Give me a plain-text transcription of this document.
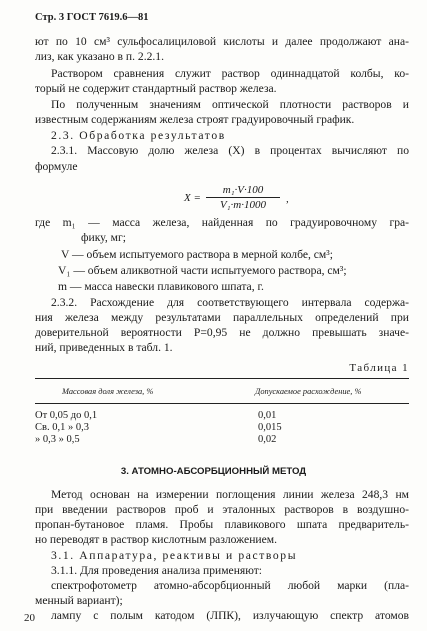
Стр. 3 ГОСТ 7619.6—81
ют по 10 см³ сульфосалициловой кислоты и далее продолжают ана-
лиз, как указано в п. 2.2.1.
Раствором сравнения служит раствор одиннадцатой колбы, ко-
торый не содержит стандартный раствор железа.
По полученным значениям оптической плотности растворов и
известным содержаниям железа строят градуировочный график.
2.3. Обработка результатов
2.3.1. Массовую долю железа (X) в процентах вычисляют по
формуле
$X = \frac{\text{m₁·V·100}}{\text{V₁·m·1000}}$ ,
где m₁ — масса железа, найденная по градуировочному гра-
фику, мг;
V — объем испытуемого раствора в мерной колбе, см³;
V₁ — объем аликвотной части испытуемого раствора, см³;
m — масса навески плавикового шпата, г.
2.3.2. Расхождение для соответствующего интервала содержа-
ния железа между результатами параллельных определений при
доверительной вероятности P=0,95 не должно превышать значе-
ний, приведенных в табл. 1.
Таблица 1
Массовая доля железа, %	Допускаемое расхождение, %
От 0,05 до 0,1	0,01
Св. 0,1 » 0,3	0,015
» 0,3 » 0,5	0,02
3. АТОМНО-АБСОРБЦИОННЫЙ МЕТОД
Метод основан на измерении поглощения линии железа 248,3 нм
при введении растворов проб и эталонных растворов в воздушно-
пропан-бутановое пламя. Пробы плавикового шпата предваритель-
но переводят в раствор кислотным разложением.
3.1. Аппаратура, реактивы и растворы
3.1.1. Для проведения анализа применяют:
спектрофотометр атомно-абсорбционный любой марки (пла-
менный вариант);
лампу с полым катодом (ЛПК), излучающую спектр атомов
20
